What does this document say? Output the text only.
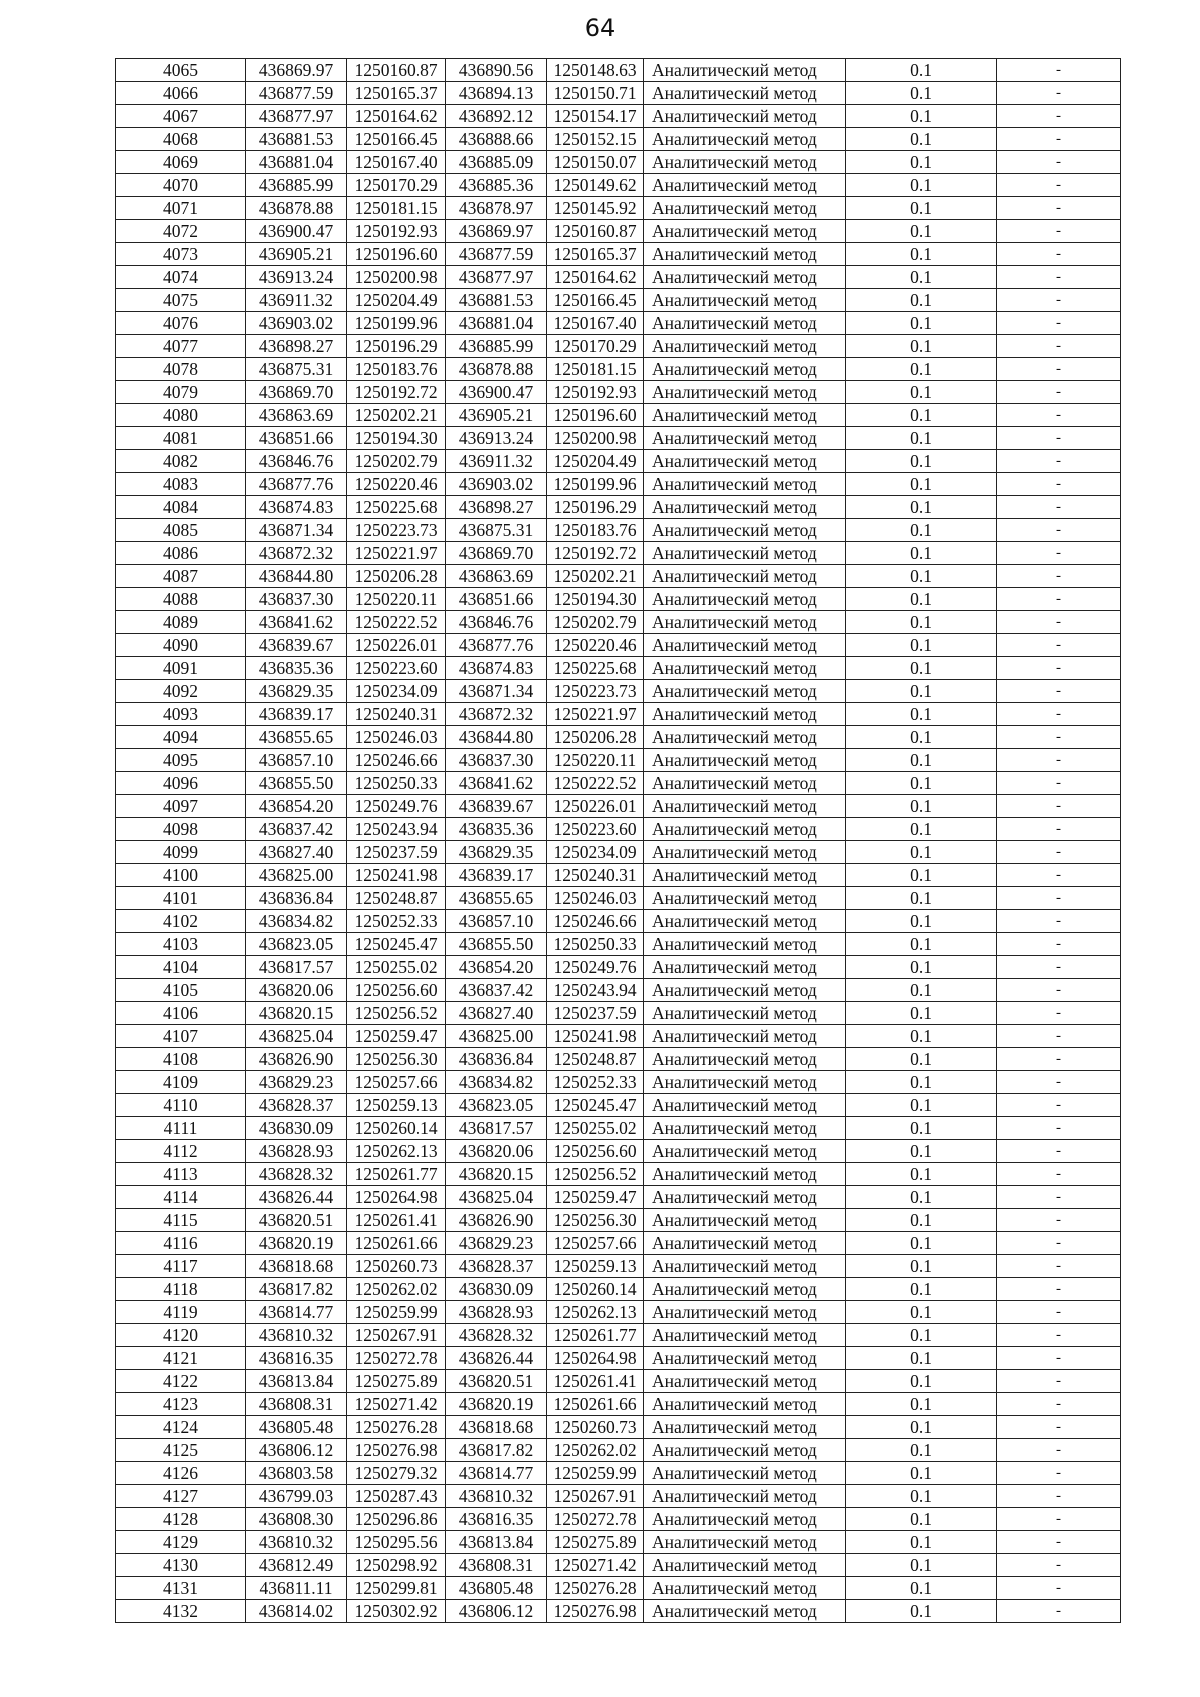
64
4065	436869.97	1250160.87	436890.56	1250148.63	Аналитический метод	0.1	-
4066	436877.59	1250165.37	436894.13	1250150.71	Аналитический метод	0.1	-
4067	436877.97	1250164.62	436892.12	1250154.17	Аналитический метод	0.1	-
4068	436881.53	1250166.45	436888.66	1250152.15	Аналитический метод	0.1	-
4069	436881.04	1250167.40	436885.09	1250150.07	Аналитический метод	0.1	-
4070	436885.99	1250170.29	436885.36	1250149.62	Аналитический метод	0.1	-
4071	436878.88	1250181.15	436878.97	1250145.92	Аналитический метод	0.1	-
4072	436900.47	1250192.93	436869.97	1250160.87	Аналитический метод	0.1	-
4073	436905.21	1250196.60	436877.59	1250165.37	Аналитический метод	0.1	-
4074	436913.24	1250200.98	436877.97	1250164.62	Аналитический метод	0.1	-
4075	436911.32	1250204.49	436881.53	1250166.45	Аналитический метод	0.1	-
4076	436903.02	1250199.96	436881.04	1250167.40	Аналитический метод	0.1	-
4077	436898.27	1250196.29	436885.99	1250170.29	Аналитический метод	0.1	-
4078	436875.31	1250183.76	436878.88	1250181.15	Аналитический метод	0.1	-
4079	436869.70	1250192.72	436900.47	1250192.93	Аналитический метод	0.1	-
4080	436863.69	1250202.21	436905.21	1250196.60	Аналитический метод	0.1	-
4081	436851.66	1250194.30	436913.24	1250200.98	Аналитический метод	0.1	-
4082	436846.76	1250202.79	436911.32	1250204.49	Аналитический метод	0.1	-
4083	436877.76	1250220.46	436903.02	1250199.96	Аналитический метод	0.1	-
4084	436874.83	1250225.68	436898.27	1250196.29	Аналитический метод	0.1	-
4085	436871.34	1250223.73	436875.31	1250183.76	Аналитический метод	0.1	-
4086	436872.32	1250221.97	436869.70	1250192.72	Аналитический метод	0.1	-
4087	436844.80	1250206.28	436863.69	1250202.21	Аналитический метод	0.1	-
4088	436837.30	1250220.11	436851.66	1250194.30	Аналитический метод	0.1	-
4089	436841.62	1250222.52	436846.76	1250202.79	Аналитический метод	0.1	-
4090	436839.67	1250226.01	436877.76	1250220.46	Аналитический метод	0.1	-
4091	436835.36	1250223.60	436874.83	1250225.68	Аналитический метод	0.1	-
4092	436829.35	1250234.09	436871.34	1250223.73	Аналитический метод	0.1	-
4093	436839.17	1250240.31	436872.32	1250221.97	Аналитический метод	0.1	-
4094	436855.65	1250246.03	436844.80	1250206.28	Аналитический метод	0.1	-
4095	436857.10	1250246.66	436837.30	1250220.11	Аналитический метод	0.1	-
4096	436855.50	1250250.33	436841.62	1250222.52	Аналитический метод	0.1	-
4097	436854.20	1250249.76	436839.67	1250226.01	Аналитический метод	0.1	-
4098	436837.42	1250243.94	436835.36	1250223.60	Аналитический метод	0.1	-
4099	436827.40	1250237.59	436829.35	1250234.09	Аналитический метод	0.1	-
4100	436825.00	1250241.98	436839.17	1250240.31	Аналитический метод	0.1	-
4101	436836.84	1250248.87	436855.65	1250246.03	Аналитический метод	0.1	-
4102	436834.82	1250252.33	436857.10	1250246.66	Аналитический метод	0.1	-
4103	436823.05	1250245.47	436855.50	1250250.33	Аналитический метод	0.1	-
4104	436817.57	1250255.02	436854.20	1250249.76	Аналитический метод	0.1	-
4105	436820.06	1250256.60	436837.42	1250243.94	Аналитический метод	0.1	-
4106	436820.15	1250256.52	436827.40	1250237.59	Аналитический метод	0.1	-
4107	436825.04	1250259.47	436825.00	1250241.98	Аналитический метод	0.1	-
4108	436826.90	1250256.30	436836.84	1250248.87	Аналитический метод	0.1	-
4109	436829.23	1250257.66	436834.82	1250252.33	Аналитический метод	0.1	-
4110	436828.37	1250259.13	436823.05	1250245.47	Аналитический метод	0.1	-
4111	436830.09	1250260.14	436817.57	1250255.02	Аналитический метод	0.1	-
4112	436828.93	1250262.13	436820.06	1250256.60	Аналитический метод	0.1	-
4113	436828.32	1250261.77	436820.15	1250256.52	Аналитический метод	0.1	-
4114	436826.44	1250264.98	436825.04	1250259.47	Аналитический метод	0.1	-
4115	436820.51	1250261.41	436826.90	1250256.30	Аналитический метод	0.1	-
4116	436820.19	1250261.66	436829.23	1250257.66	Аналитический метод	0.1	-
4117	436818.68	1250260.73	436828.37	1250259.13	Аналитический метод	0.1	-
4118	436817.82	1250262.02	436830.09	1250260.14	Аналитический метод	0.1	-
4119	436814.77	1250259.99	436828.93	1250262.13	Аналитический метод	0.1	-
4120	436810.32	1250267.91	436828.32	1250261.77	Аналитический метод	0.1	-
4121	436816.35	1250272.78	436826.44	1250264.98	Аналитический метод	0.1	-
4122	436813.84	1250275.89	436820.51	1250261.41	Аналитический метод	0.1	-
4123	436808.31	1250271.42	436820.19	1250261.66	Аналитический метод	0.1	-
4124	436805.48	1250276.28	436818.68	1250260.73	Аналитический метод	0.1	-
4125	436806.12	1250276.98	436817.82	1250262.02	Аналитический метод	0.1	-
4126	436803.58	1250279.32	436814.77	1250259.99	Аналитический метод	0.1	-
4127	436799.03	1250287.43	436810.32	1250267.91	Аналитический метод	0.1	-
4128	436808.30	1250296.86	436816.35	1250272.78	Аналитический метод	0.1	-
4129	436810.32	1250295.56	436813.84	1250275.89	Аналитический метод	0.1	-
4130	436812.49	1250298.92	436808.31	1250271.42	Аналитический метод	0.1	-
4131	436811.11	1250299.81	436805.48	1250276.28	Аналитический метод	0.1	-
4132	436814.02	1250302.92	436806.12	1250276.98	Аналитический метод	0.1	-
